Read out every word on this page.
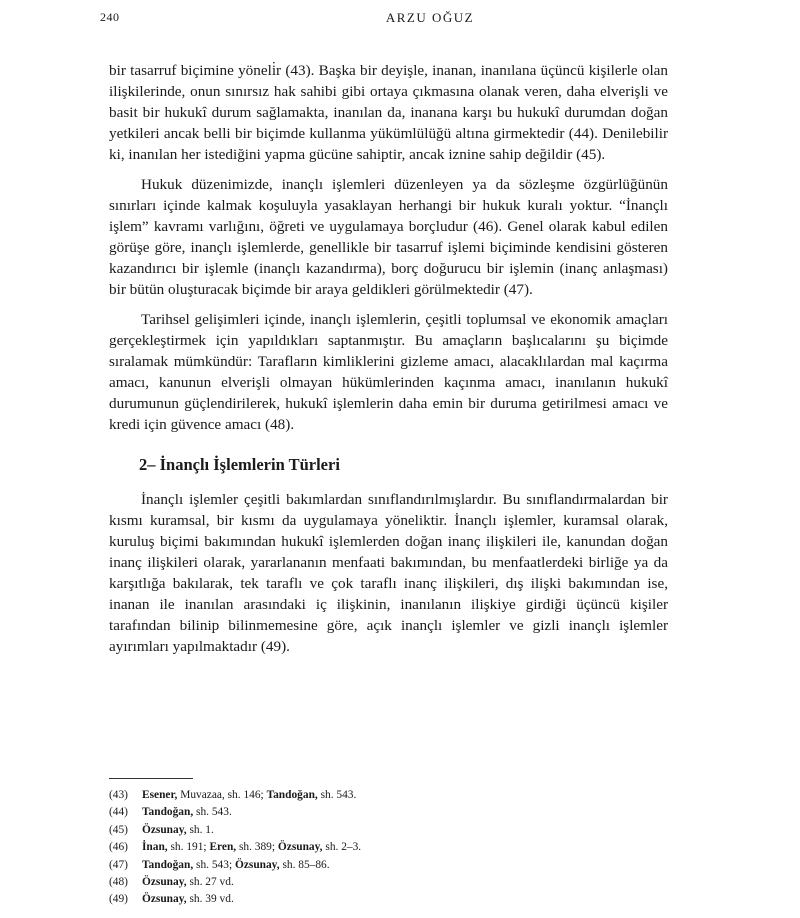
240	ARZU OĞUZ

bir tasarruf biçimine yöneli̇r (43). Başka bir deyişle, inanan, inanılana üçüncü kişilerle olan ilişkilerinde, onun sınırsız hak sahibi gibi ortaya çıkmasına olanak veren, daha elverişli ve basit bir hukukî durum sağlamakta, inanılan da, inanana karşı bu hukukî durumdan doğan yetkileri ancak belli bir biçimde kullanma yükümlülüğü altına girmektedir (44). Denilebilir ki, inanılan her istediğini yapma gücüne sahiptir, ancak iznine sahip değildir (45).

Hukuk düzenimizde, inançlı işlemleri düzenleyen ya da sözleşme özgürlüğünün sınırları içinde kalmak koşuluyla yasaklayan herhangi bir hukuk kuralı yoktur. “İnançlı işlem” kavramı varlığını, öğreti ve uygulamaya borçludur (46). Genel olarak kabul edilen görüşe göre, inançlı işlemlerde, genellikle bir tasarruf işlemi biçiminde kendisini gösteren kazandırıcı bir işlemle (inançlı kazandırma), borç doğurucu bir işlemin (inanç anlaşması) bir bütün oluşturacak biçimde bir araya geldikleri görülmektedir (47).

Tarihsel gelişimleri içinde, inançlı işlemlerin, çeşitli toplumsal ve ekonomik amaçları gerçekleştirmek için yapıldıkları saptanmıştır. Bu amaçların başlıcalarını şu biçimde sıralamak mümkündür: Tarafların kimliklerini gizleme amacı, alacaklılardan mal kaçırma amacı, kanunun elverişli olmayan hükümlerinden kaçınma amacı, inanılanın hukukî durumunun güçlendirilerek, hukukî işlemlerin daha emin bir duruma getirilmesi amacı ve kredi için güvence amacı (48).

2– İnançlı İşlemlerin Türleri

İnançlı işlemler çeşitli bakımlardan sınıflandırılmışlardır. Bu sınıflandırmalardan bir kısmı kuramsal, bir kısmı da uygulamaya yöneliktir. İnançlı işlemler, kuramsal olarak, kuruluş biçimi bakımından hukukî işlemlerden doğan inanç ilişkileri ile, kanundan doğan inanç ilişkileri olarak, yararlananın menfaati bakımından, bu menfaatlerdeki birliğe ya da karşıtlığa bakılarak, tek taraflı ve çok taraflı inanç ilişkileri, dış ilişki bakımından ise, inanan ile inanılan arasındaki iç ilişkinin, inanılanın ilişkiye girdiği üçüncü kişiler tarafından bilinip bilinmemesine göre, açık inançlı işlemler ve gizli inançlı işlemler ayırımları yapılmaktadır (49).

(43) Esener, Muvazaa, sh. 146; Tandoğan, sh. 543.
(44) Tandoğan, sh. 543.
(45) Özsunay, sh. 1.
(46) İnan, sh. 191; Eren, sh. 389; Özsunay, sh. 2–3.
(47) Tandoğan, sh. 543; Özsunay, sh. 85–86.
(48) Özsunay, sh. 27 vd.
(49) Özsunay, sh. 39 vd.
